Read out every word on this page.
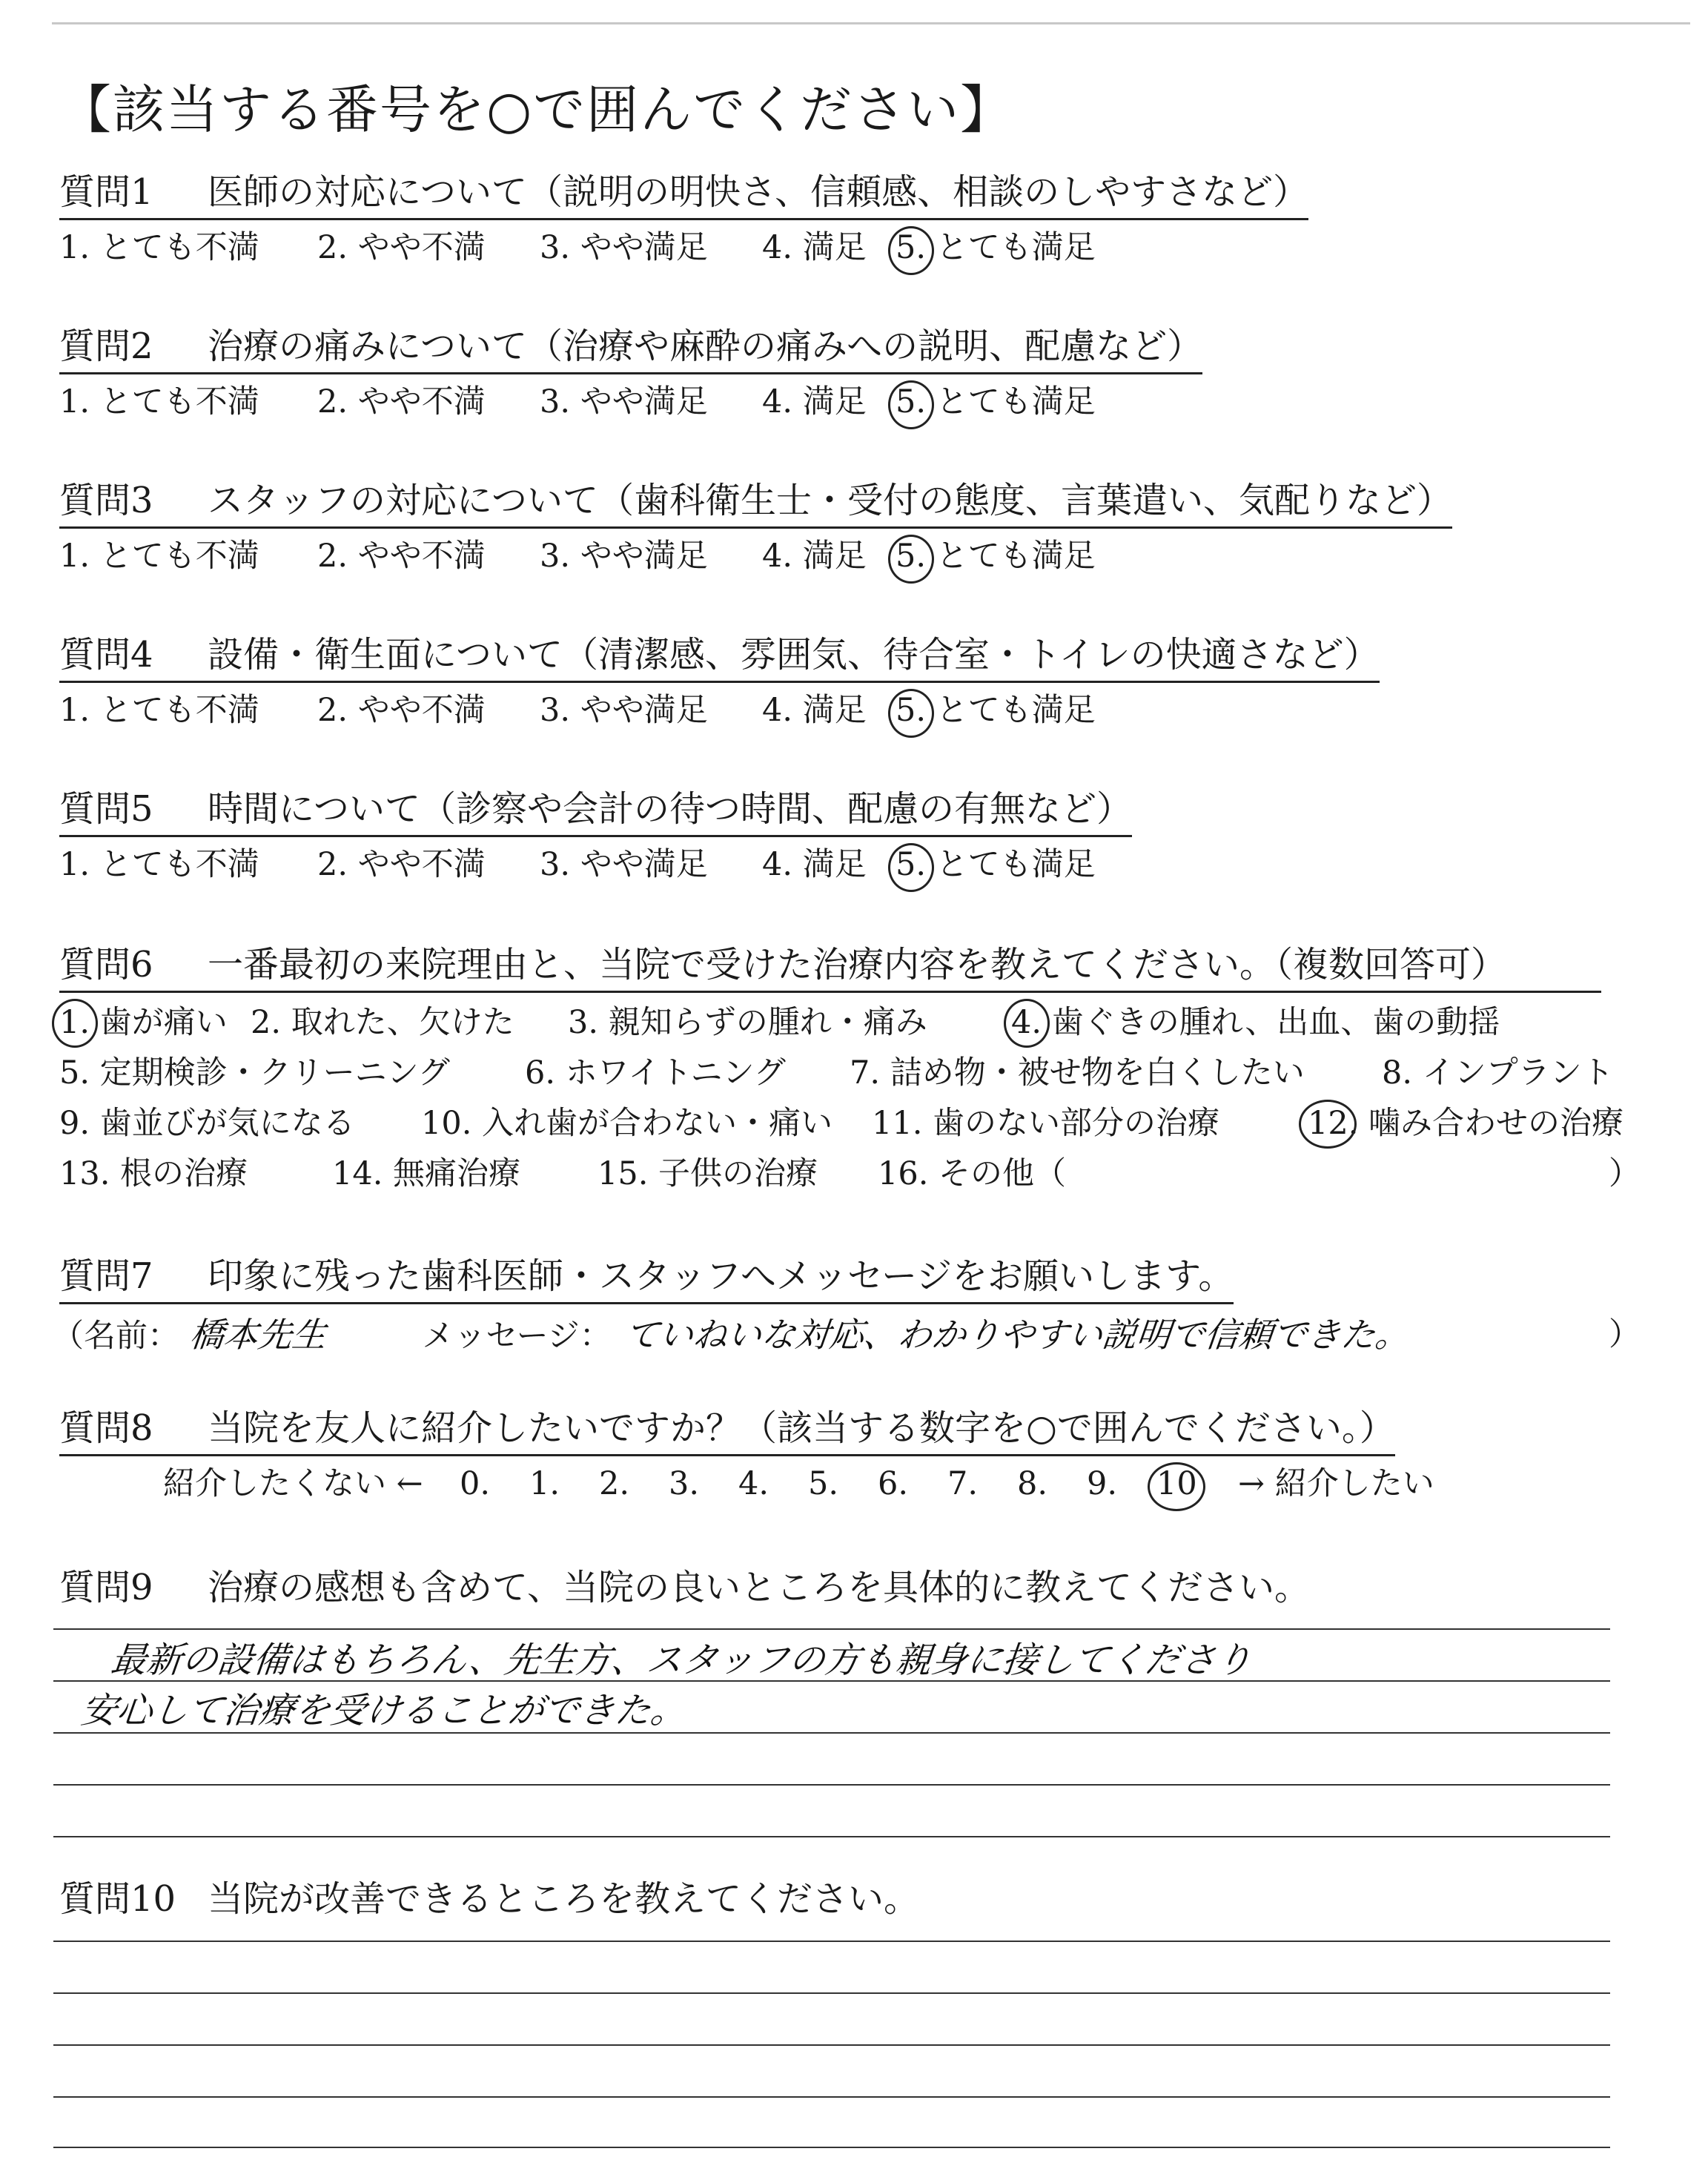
【該当する番号を○で囲んでください】
質問1 医師の対応について（説明の明快さ、信頼感、相談のしやすさなど）
1. とても不満 2. やや不満 3. やや満足 4. 満足 5. とても満足
質問2 治療の痛みについて（治療や麻酔の痛みへの説明、配慮など）
1. とても不満 2. やや不満 3. やや満足 4. 満足 5. とても満足
質問3 スタッフの対応について（歯科衛生士・受付の態度、言葉遣い、気配りなど）
1. とても不満 2. やや不満 3. やや満足 4. 満足 5. とても満足
質問4 設備・衛生面について（清潔感、雰囲気、待合室・トイレの快適さなど）
1. とても不満 2. やや不満 3. やや満足 4. 満足 5. とても満足
質問5 時間について（診察や会計の待つ時間、配慮の有無など）
1. とても不満 2. やや不満 3. やや満足 4. 満足 5. とても満足
質問6 一番最初の来院理由と、当院で受けた治療内容を教えてください。（複数回答可）
1. 歯が痛い 2. 取れた、欠けた 3. 親知らずの腫れ・痛み	4. 歯ぐきの腫れ、出血、歯の動揺
5. 定期検診・クリーニング 6. ホワイトニング 7. 詰め物・被せ物を白くしたい 8. インプラント
9. 歯並びが気になる 10. 入れ歯が合わない・痛い 11. 歯のない部分の治療	12. 噛み合わせの治療
13. 根の治療	14. 無痛治療 15. 子供の治療 16. その他（	）
質問7 印象に残った歯科医師・スタッフへメッセージをお願いします。
（名前： 橋本先生	メッセージ： ていねいな対応、わかりやすい説明で信頼できた。	）
質問8 当院を友人に紹介したいですか？（該当する数字を○で囲んでください。）
紹介したくない ← 0. 1. 2. 3. 4. 5. 6. 7. 8. 9. 10 → 紹介したい
質問9 治療の感想も含めて、当院の良いところを具体的に教えてください。
最新の設備はもちろん、先生方、スタッフの方も親身に接してくださり
安心して治療を受けることができた。
質問10 当院が改善できるところを教えてください。
